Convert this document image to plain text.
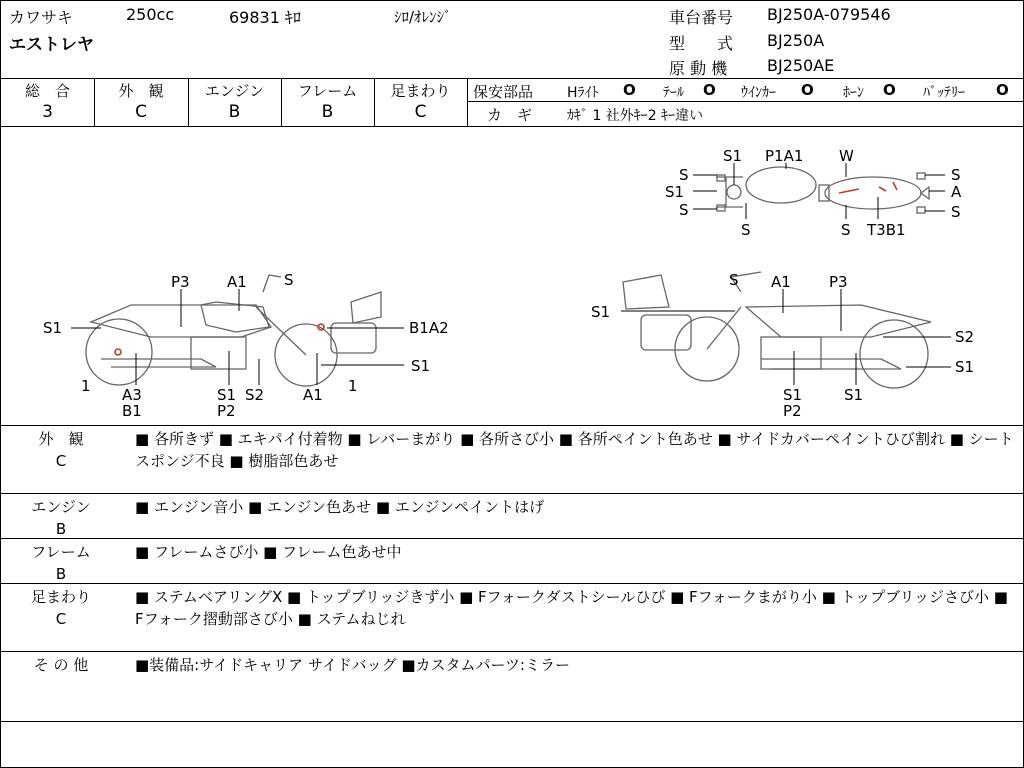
カワサキ	250cc	69831 ｷﾛ	ｼﾛ/ｵﾚﾝｼﾞ
エストレヤ
車台番号 BJ250A-079546
型　　式 BJ250A
原 動 機 BJ250AE
総　合
3
外　観
C
エンジン
B
フレーム
B
足まわり
C
保安部品 Hﾗｲﾄ O ﾃｰﾙ O ｳｲﾝｶｰ O ﾎｰﾝ O ﾊﾞｯﾃﾘｰ O
カ　ギ ｶｷﾞ 1 社外ｷｰ2 ｷｰ違い
S1 P1A1 W
S
S1
S
S	S T3B1
S
A
S
P3 A1 S
S1	B1A2
S1
1 A3
B1
S1
P2
S2	A1 1
S A1	P3
S1
S2
S1
S1
P2
S1
外　観
C
■ 各所きず ■ エキパイ付着物 ■ レバーまがり ■ 各所さび小 ■ 各所ペイント色あせ ■ サイドカバーペイントひび割れ ■ シートスポンジ不良 ■ 樹脂部色あせ
エンジン
B
■ エンジン音小 ■ エンジン色あせ ■ エンジンペイントはげ
フレーム
B
■ フレームさび小 ■ フレーム色あせ中
足まわり
C
■ ステムベアリングX ■ トップブリッジきず小 ■ Fフォークダストシールひび ■ Fフォークまがり小 ■ トップブリッジさび小 ■ Fフォーク摺動部さび小 ■ ステムねじれ
そ の 他	■装備品:サイドキャリア サイドバッグ ■カスタムパーツ:ミラー
